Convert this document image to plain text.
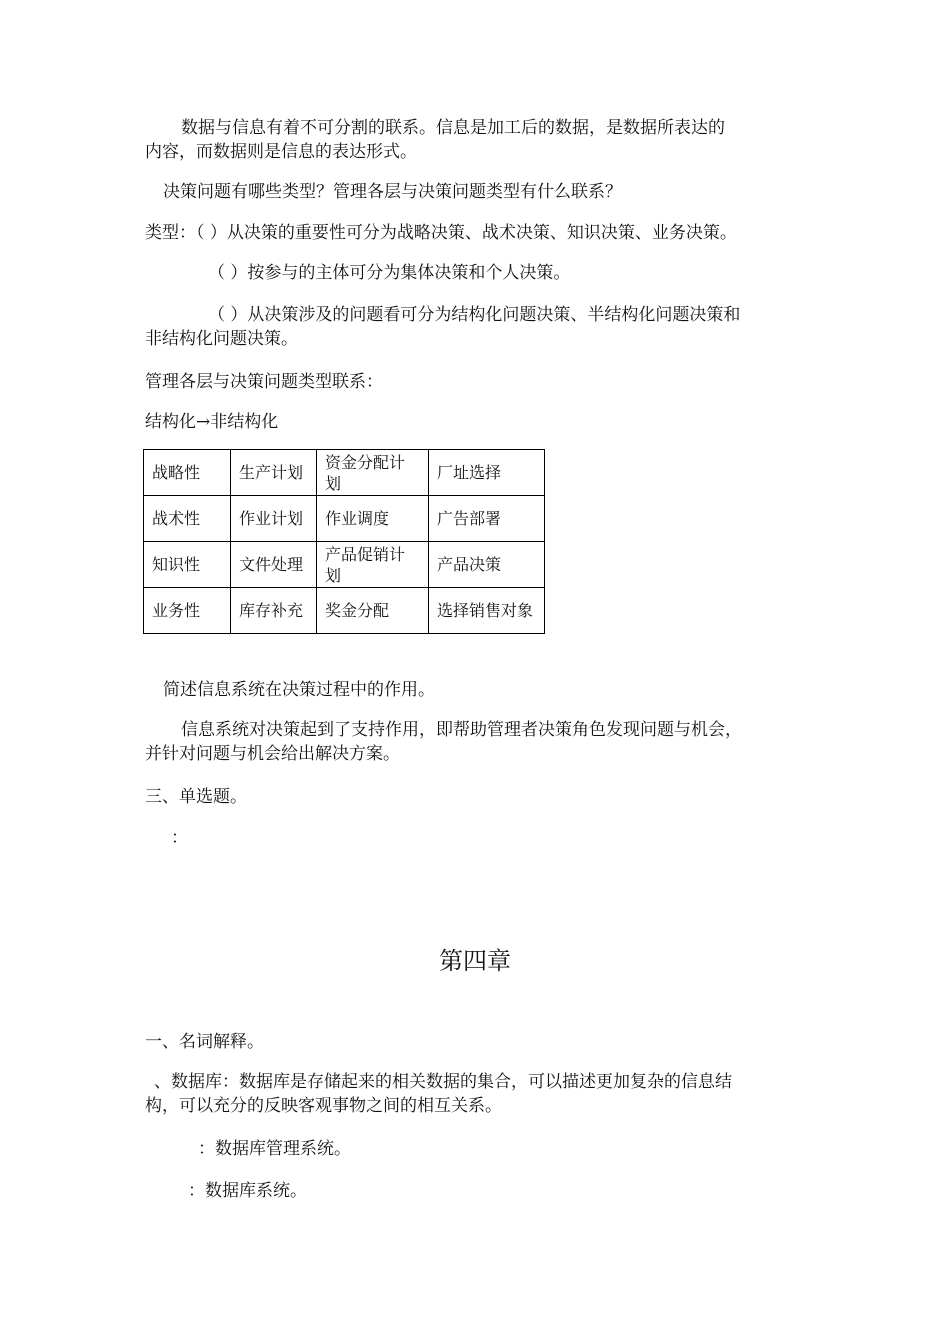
数据与信息有着不可分割的联系。信息是加工后的数据，是数据所表达的
内容，而数据则是信息的表达形式。
决策问题有哪些类型？管理各层与决策问题类型有什么联系？
类型：（ ）从决策的重要性可分为战略决策、战术决策、知识决策、业务决策。
（ ）按参与的主体可分为集体决策和个人决策。
（ ）从决策涉及的问题看可分为结构化问题决策、半结构化问题决策和
非结构化问题决策。
管理各层与决策问题类型联系：
结构化→非结构化
战略性	生产计划	资金分配计划	厂址选择
战术性	作业计划	作业调度	广告部署
知识性	文件处理	产品促销计划	产品决策
业务性	库存补充	奖金分配	选择销售对象
简述信息系统在决策过程中的作用。
信息系统对决策起到了支持作用，即帮助管理者决策角色发现问题与机会，
并针对问题与机会给出解决方案。
三、单选题。
：
第四章
一、名词解释。
、数据库：数据库是存储起来的相关数据的集合，可以描述更加复杂的信息结
构，可以充分的反映客观事物之间的相互关系。
：数据库管理系统。
：数据库系统。
